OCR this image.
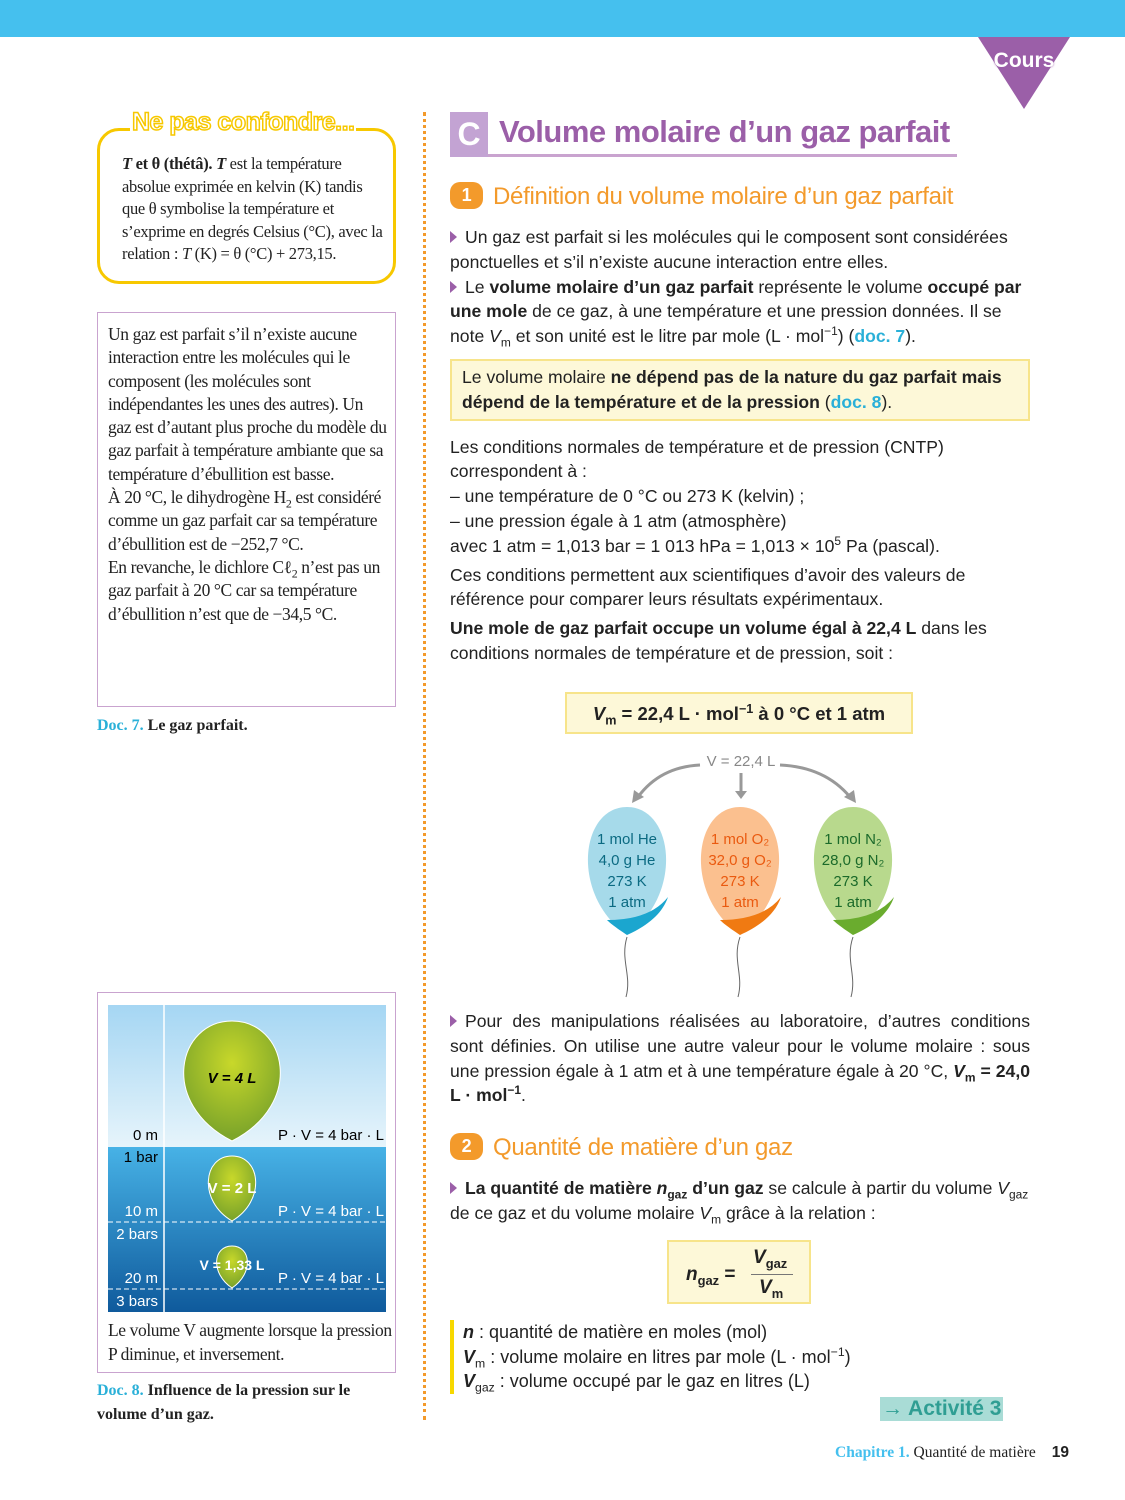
Cours
T et θ (thétâ). T est la température absolue exprimée en kelvin (K) tandis que θ symbolise la température et s’exprime en degrés Celsius (°C), avec la relation : T (K) = θ (°C) + 273,15.
Ne pas confondre...
Un gaz est parfait s’il n’existe aucune interaction entre les molécules qui le composent (les molécules sont indépendantes les unes des autres). Un gaz est d’autant plus proche du modèle du gaz parfait à température ambiante que sa température d’ébullition est basse.
À 20 °C, le dihydrogène $H_2$ est considéré comme un gaz parfait car sa température d’ébullition est de −252,7 °C.
En revanche, le dichlore Cℓ$_2$ n’est pas un gaz parfait à 20 °C car sa température d’ébullition n’est que de −34,5 °C.
Doc. 7. Le gaz parfait.
V = 4 L
V = 2 L
V = 1,33 L
0 m
1 bar
10 m
2 bars
20 m
3 bars
P · V = 4 bar · L
P · V = 4 bar · L
P · V = 4 bar · L
Le volume V augmente lorsque la pression P diminue, et inversement.
Doc. 8. Influence de la pression sur le volume d’un gaz.
C Volume molaire d’un gaz parfait
1 Définition du volume molaire d’un gaz parfait
Un gaz est parfait si les molécules qui le composent sont considérées ponctuelles et s’il n’existe aucune interaction entre elles.
Le volume molaire d’un gaz parfait représente le volume occupé par une mole de ce gaz, à une température et une pression données. Il se note $V_m$ et son unité est le litre par mole (L · mol$^{-1}$) (doc. 7).
Le volume molaire ne dépend pas de la nature du gaz parfait mais dépend de la température et de la pression (doc. 8).
Les conditions normales de température et de pression (CNTP) correspondent à :
– une température de 0 °C ou 273 K (kelvin) ;
– une pression égale à 1 atm (atmosphère)
avec 1 atm = 1,013 bar = 1 013 hPa = $1,013 \times 10^5$ Pa (pascal).
Ces conditions permettent aux scientifiques d’avoir des valeurs de référence pour comparer leurs résultats expérimentaux.
Une mole de gaz parfait occupe un volume égal à 22,4 L dans les conditions normales de température et de pression, soit :
$V_m = 22,4$ L · mol$^{-1}$ à 0 °C et 1 atm
V = 22,4 L
1 mol He
4,0 g He
273 K
1 atm
1 mol O₂
32,0 g O₂
273 K
1 atm
1 mol N₂
28,0 g N₂
273 K
1 atm
Pour des manipulations réalisées au laboratoire, d’autres conditions sont définies. On utilise une autre valeur pour le volume molaire : sous une pression égale à 1 atm et à une température égale à 20 °C, $V_m = 24,0$ L · mol$^{-1}$.
2 Quantité de matière d’un gaz
La quantité de matière $n_{gaz}$ d’un gaz se calcule à partir du volume $V_{gaz}$ de ce gaz et du volume molaire $V_m$ grâce à la relation :
$n_{gaz}$ =
$V_{gaz}$
$V_m$
n : quantité de matière en moles (mol)
$V_m$ : volume molaire en litres par mole (L · mol$^{-1}$)
$V_{gaz}$ : volume occupé par le gaz en litres (L)
→ Activité 3
Chapitre 1. Quantité de matière 19
